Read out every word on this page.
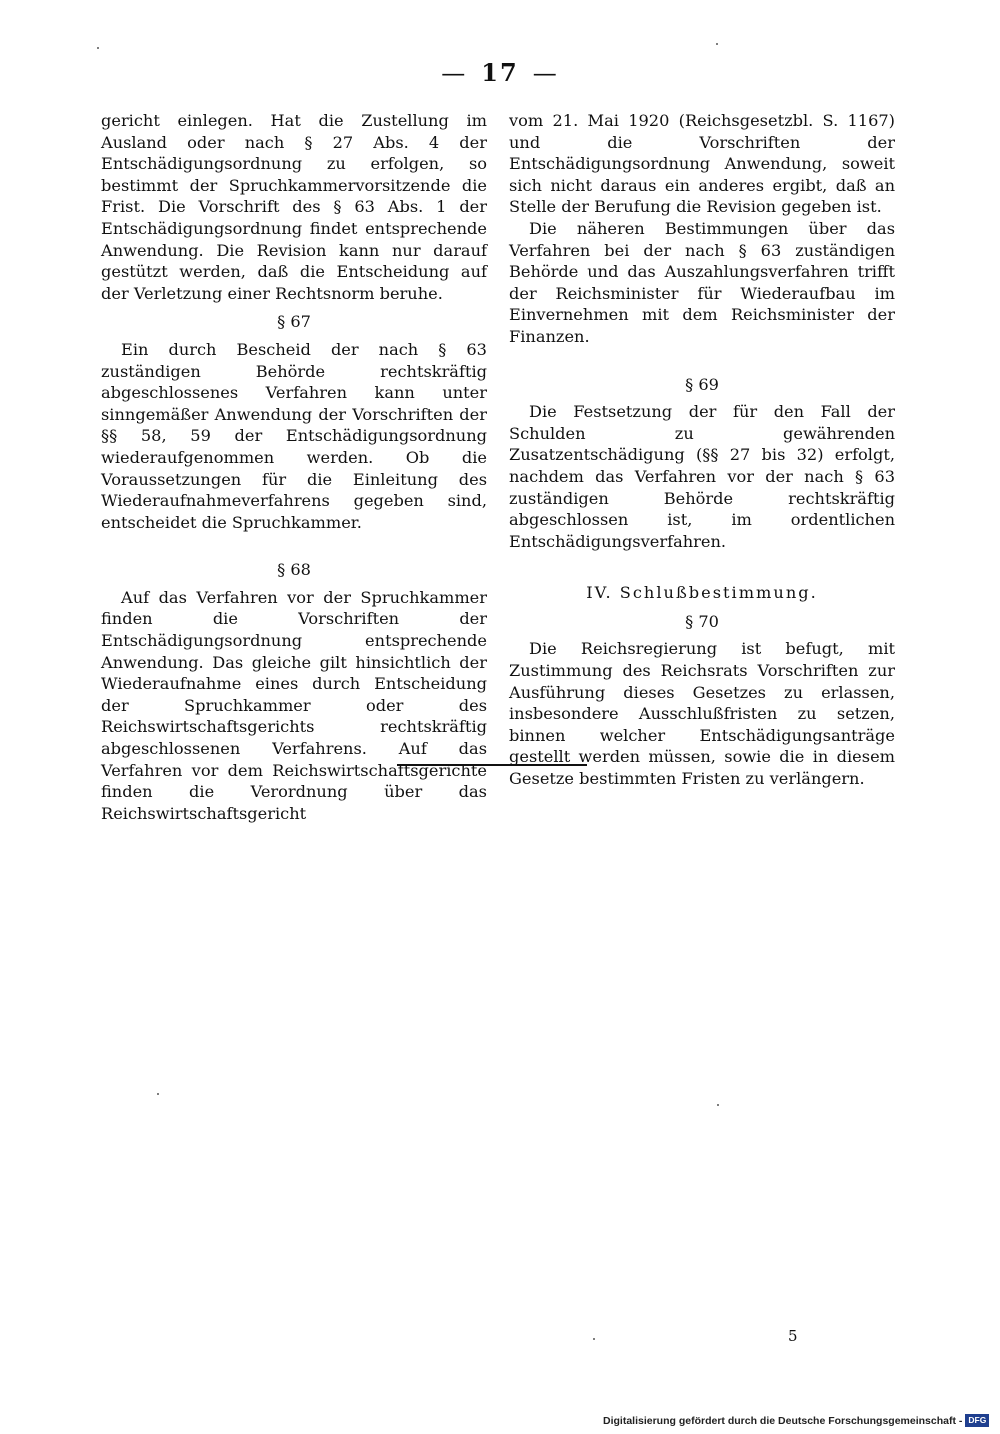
— 17 —

gericht einlegen. Hat die Zustellung im Ausland oder nach § 27 Abs. 4 der Entschädigungsordnung zu erfolgen, so bestimmt der Spruchkammervorsitzende die Frist. Die Vorschrift des § 63 Abs. 1 der Entschädigungsordnung findet entsprechende Anwendung. Die Revision kann nur darauf gestützt werden, daß die Entscheidung auf der Verletzung einer Rechtsnorm beruhe.

§ 67

Ein durch Bescheid der nach § 63 zuständigen Behörde rechtskräftig abgeschlossenes Verfahren kann unter sinngemäßer Anwendung der Vorschriften der §§ 58, 59 der Entschädigungsordnung wiederaufgenommen werden. Ob die Voraussetzungen für die Einleitung des Wiederaufnahmeverfahrens gegeben sind, entscheidet die Spruchkammer.

§ 68

Auf das Verfahren vor der Spruchkammer finden die Vorschriften der Entschädigungsordnung entsprechende Anwendung. Das gleiche gilt hinsichtlich der Wiederaufnahme eines durch Entscheidung der Spruchkammer oder des Reichswirtschaftsgerichts rechtskräftig abgeschlossenen Verfahrens. Auf das Verfahren vor dem Reichswirtschaftsgerichte finden die Verordnung über das Reichswirtschaftsgericht

vom 21. Mai 1920 (Reichsgesetzbl. S. 1167) und die Vorschriften der Entschädigungsordnung Anwendung, soweit sich nicht daraus ein anderes ergibt, daß an Stelle der Berufung die Revision gegeben ist.

Die näheren Bestimmungen über das Verfahren bei der nach § 63 zuständigen Behörde und das Auszahlungsverfahren trifft der Reichsminister für Wiederaufbau im Einvernehmen mit dem Reichsminister der Finanzen.

§ 69

Die Festsetzung der für den Fall der Schulden zu gewährenden Zusatzentschädigung (§§ 27 bis 32) erfolgt, nachdem das Verfahren vor der nach § 63 zuständigen Behörde rechtskräftig abgeschlossen ist, im ordentlichen Entschädigungsverfahren.

IV. Schlußbestimmung.
§ 70

Die Reichsregierung ist befugt, mit Zustimmung des Reichsrats Vorschriften zur Ausführung dieses Gesetzes zu erlassen, insbesondere Ausschlußfristen zu setzen, binnen welcher Entschädigungsanträge gestellt werden müssen, sowie die in diesem Gesetze bestimmten Fristen zu verlängern.

5
Digitalisierung gefördert durch die Deutsche Forschungsgemeinschaft - DFG
